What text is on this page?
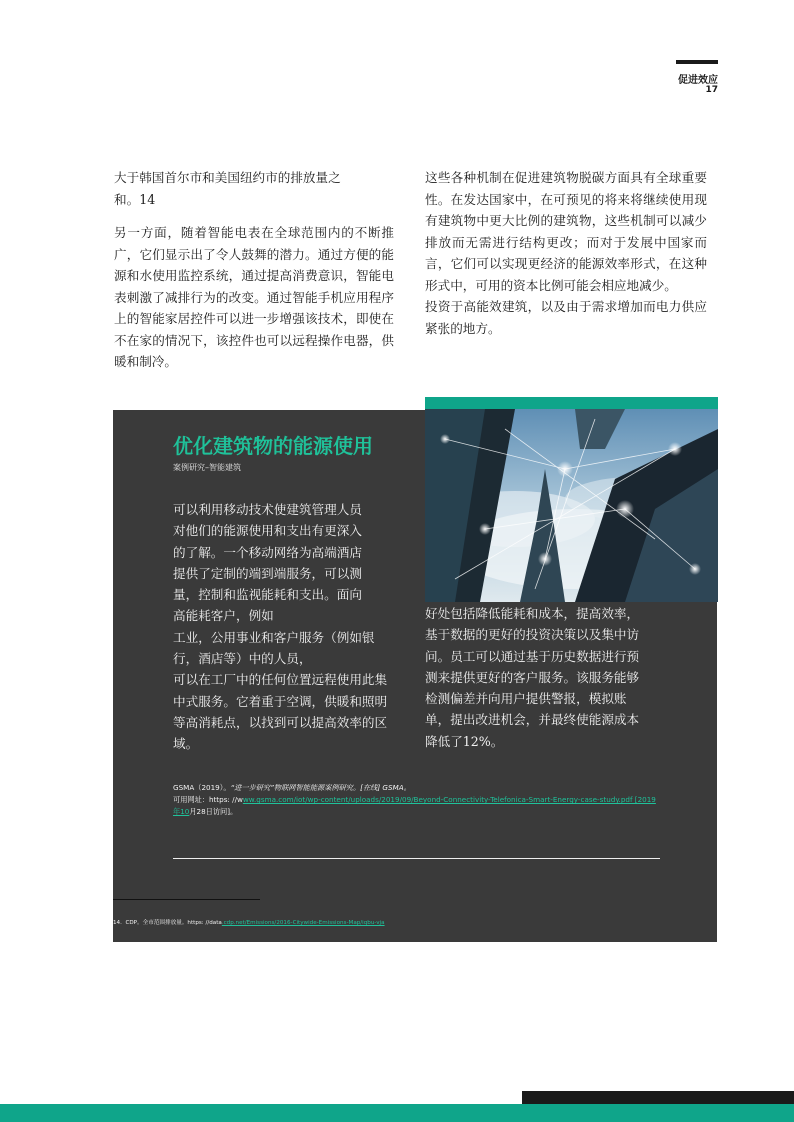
促进效应
17

大于韩国首尔市和美国纽约市的排放量之
和。14

另一方面，随着智能电表在全球范围内的不断推广，它们显示出了令人鼓舞的潜力。通过方便的能源和水使用监控系统，通过提高消费意识，智能电表刺激了减排行为的改变。通过智能手机应用程序上的智能家居控件可以进一步增强该技术，即使在不在家的情况下，该控件也可以远程操作电器，供暖和制冷。

这些各种机制在促进建筑物脱碳方面具有全球重要性。在发达国家中，在可预见的将来将继续使用现有建筑物中更大比例的建筑物，这些机制可以减少排放而无需进行结构更改；而对于发展中国家而言，它们可以实现更经济的能源效率形式，在这种形式中，可用的资本比例可能会相应地减少。

投资于高能效建筑，以及由于需求增加而电力供应紧张的地方。

优化建筑物的能源使用
案例研究–智能建筑
可以利用移动技术使建筑管理人员
对他们的能源使用和支出有更深入
的了解。一个移动网络为高端酒店
提供了定制的端到端服务，可以测
量，控制和监视能耗和支出。面向
高能耗客户，例如
工业，公用事业和客户服务（例如银
行，酒店等）中的人员，
可以在工厂中的任何位置远程使用此集
中式服务。它着重于空调，供暖和照明
等高消耗点，以找到可以提高效率的区
域。
好处包括降低能耗和成本，提高效率，
基于数据的更好的投资决策以及集中访
问。员工可以通过基于历史数据进行预
测来提供更好的客户服务。该服务能够
检测偏差并向用户提供警报，模拟账
单，提出改进机会，并最终使能源成本
降低了12%。
GSMA（2019）。“进一步研究”物联网智能能源案例研究。[在线] GSMA。
可用网址：https: //www.gsma.com/iot/wp-content/uploads/2019/09/Beyond-Connectivity-Telefonica-Smart-Energy-case-study.pdf [2019
年10月28日访问]。
14. CDP。全市范围排放量。https: //data.cdp.net/Emissions/2016-Citywide-Emissions-Map/iqbu-vja
